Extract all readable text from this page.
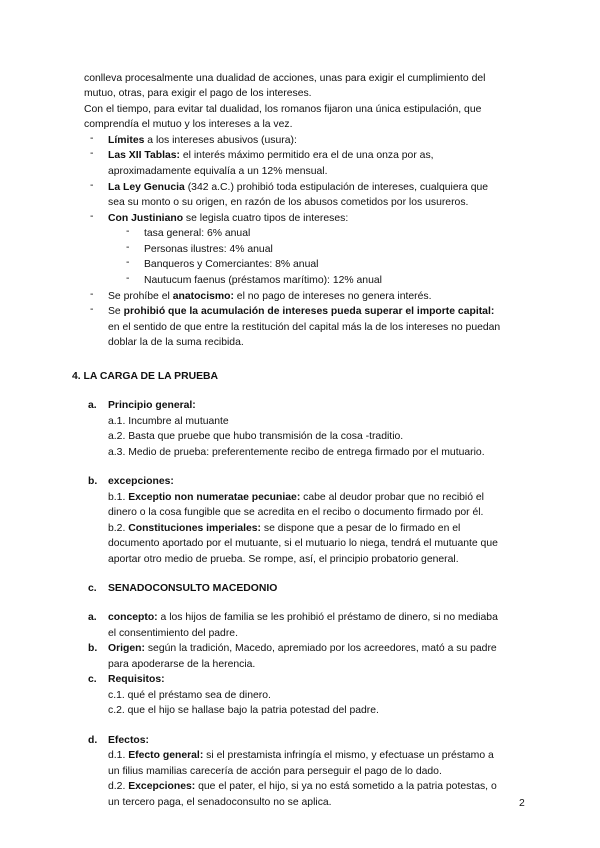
conlleva procesalmente una dualidad de acciones, unas para exigir el cumplimiento del
mutuo, otras, para exigir el pago de los intereses.
Con el tiempo, para evitar tal dualidad, los romanos fijaron una única estipulación, que
comprendía el mutuo y los intereses a la vez.
- Límites a los intereses abusivos (usura):
- Las XII Tablas: el interés máximo permitido era el de una onza por as,
aproximadamente equivalía a un 12% mensual.
- La Ley Genucia (342 a.C.) prohibió toda estipulación de intereses, cualquiera que
sea su monto o su origen, en razón de los abusos cometidos por los usureros.
- Con Justiniano se legisla cuatro tipos de intereses:
- tasa general: 6% anual
- Personas ilustres: 4% anual
- Banqueros y Comerciantes: 8% anual
- Nautucum faenus (préstamos marítimo): 12% anual
- Se prohíbe el anatocismo: el no pago de intereses no genera interés.
- Se prohibió que la acumulación de intereses pueda superar el importe capital:
en el sentido de que entre la restitución del capital más la de los intereses no puedan
doblar la de la suma recibida.
4. LA CARGA DE LA PRUEBA
a. Principio general:
a.1. Incumbre al mutuante
a.2. Basta que pruebe que hubo transmisión de la cosa -traditio.
a.3. Medio de prueba: preferentemente recibo de entrega firmado por el mutuario.
b. excepciones:
b.1. Exceptio non numeratae pecuniae: cabe al deudor probar que no recibió el
dinero o la cosa fungible que se acredita en el recibo o documento firmado por él.
b.2. Constituciones imperiales: se dispone que a pesar de lo firmado en el
documento aportado por el mutuante, si el mutuario lo niega, tendrá el mutuante que
aportar otro medio de prueba. Se rompe, así, el principio probatorio general.
c. SENADOCONSULTO MACEDONIO
a. concepto: a los hijos de familia se les prohibió el préstamo de dinero, si no mediaba
el consentimiento del padre.
b. Origen: según la tradición, Macedo, apremiado por los acreedores, mató a su padre
para apoderarse de la herencia.
c. Requisitos:
c.1. qué el préstamo sea de dinero.
c.2. que el hijo se hallase bajo la patria potestad del padre.
d. Efectos:
d.1. Efecto general: si el prestamista infringía el mismo, y efectuase un préstamo a
un filius mamilias carecería de acción para perseguir el pago de lo dado.
d.2. Excepciones: que el pater, el hijo, si ya no está sometido a la patria potestas, o
un tercero paga, el senadoconsulto no se aplica.	2
